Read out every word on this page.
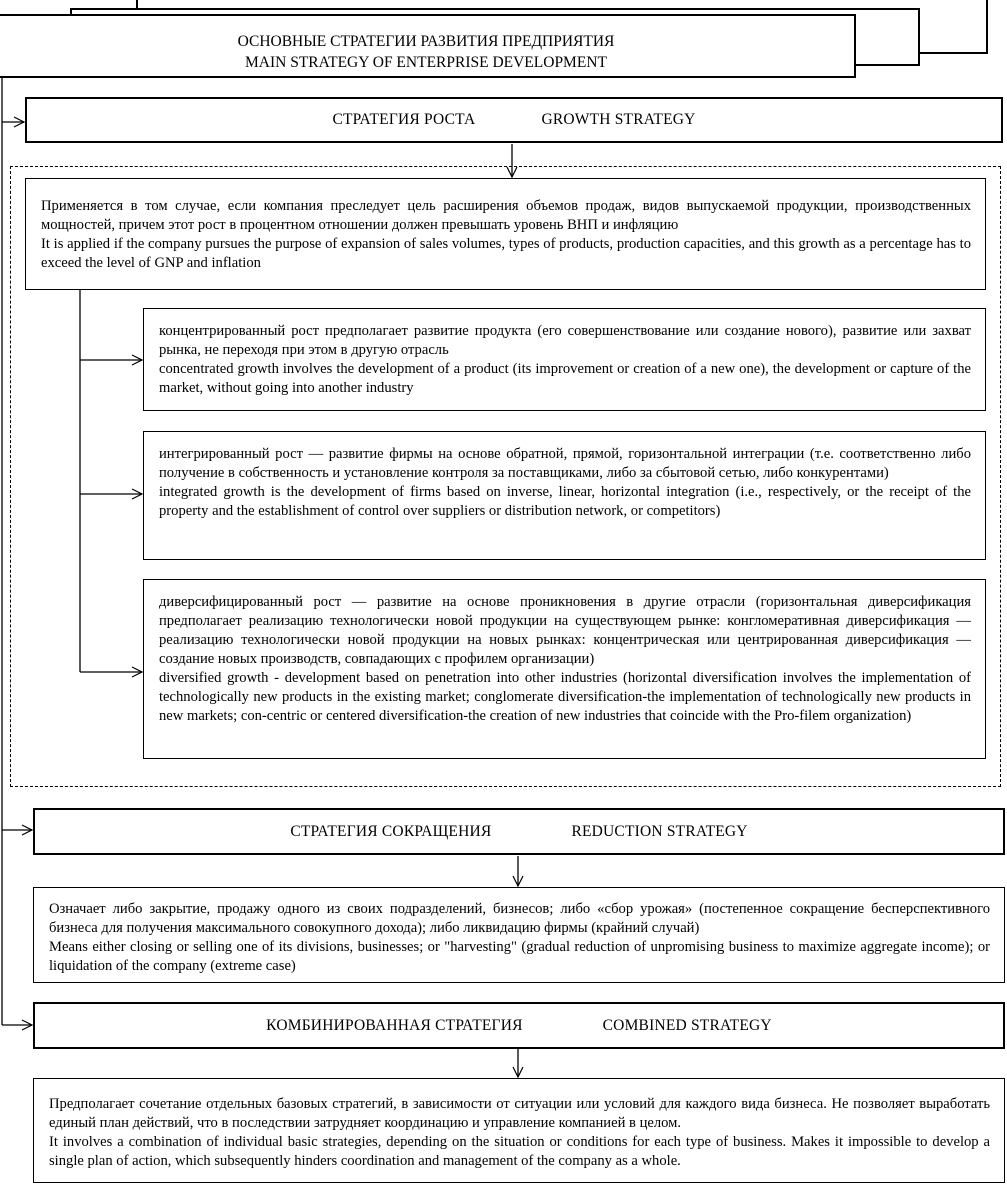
ОСНОВНЫЕ СТРАТЕГИИ РАЗВИТИЯ ПРЕДПРИЯТИЯ
MAIN STRATEGY OF ENTERPRISE DEVELOPMENT
СТРАТЕГИЯ РОСТА	GROWTH STRATEGY

Применяется в том случае, если компания преследует цель расширения объемов продаж, видов выпускаемой продукции, производственных мощностей, причем этот рост в процентном отношении должен превышать уровень ВНП и инфляцию

It is applied if the company pursues the purpose of expansion of sales volumes, types of products, production capacities, and this growth as a percentage has to exceed the level of GNP and inflation

концентрированный рост предполагает развитие продукта (его совершенствование или создание нового), развитие или захват рынка, не переходя при этом в другую отрасль

concentrated growth involves the development of a product (its improvement or creation of a new one), the development or capture of the market, without going into another industry

интегрированный рост — развитие фирмы на основе обратной, прямой, горизонтальной интеграции (т.е. соответственно либо получение в собственность и установление контроля за поставщиками, либо за сбытовой сетью, либо конкурентами)

integrated growth is the development of firms based on inverse, linear, horizontal integration (i.e., respectively, or the receipt of the property and the establishment of control over suppliers or distribution network, or competitors)

диверсифицированный рост — развитие на основе проникновения в другие отрасли (горизонтальная диверсификация предполагает реализацию технологически новой продукции на существующем рынке: конгломеративная диверсификация — реализацию технологически новой продукции на новых рынках: концентрическая или центрированная диверсификация — создание новых производств, совпадающих с профилем организации)

diversified growth - development based on penetration into other industries (horizontal diversification involves the implementation of technologically new products in the existing market; conglomerate diversification-the implementation of technologically new products in new markets; con-centric or centered diversification-the creation of new industries that coincide with the Pro-filem organization)

СТРАТЕГИЯ СОКРАЩЕНИЯ	REDUCTION STRATEGY

Означает либо закрытие, продажу одного из своих подразделений, бизнесов; либо «сбор урожая» (постепенное сокращение бесперспективного бизнеса для получения максимального совокупного дохода); либо ликвидацию фирмы (крайний случай)

Means either closing or selling one of its divisions, businesses; or "harvesting" (gradual reduction of unpromising business to maximize aggregate income); or liquidation of the company (extreme case)

КОМБИНИРОВАННАЯ СТРАТЕГИЯ	COMBINED STRATEGY

Предполагает сочетание отдельных базовых стратегий, в зависимости от ситуации или условий для каждого вида бизнеса. Не позволяет выработать единый план действий, что в последствии затрудняет координацию и управление компанией в целом.

It involves a combination of individual basic strategies, depending on the situation or conditions for each type of business. Makes it impossible to develop a single plan of action, which subsequently hinders coordination and management of the company as a whole.
